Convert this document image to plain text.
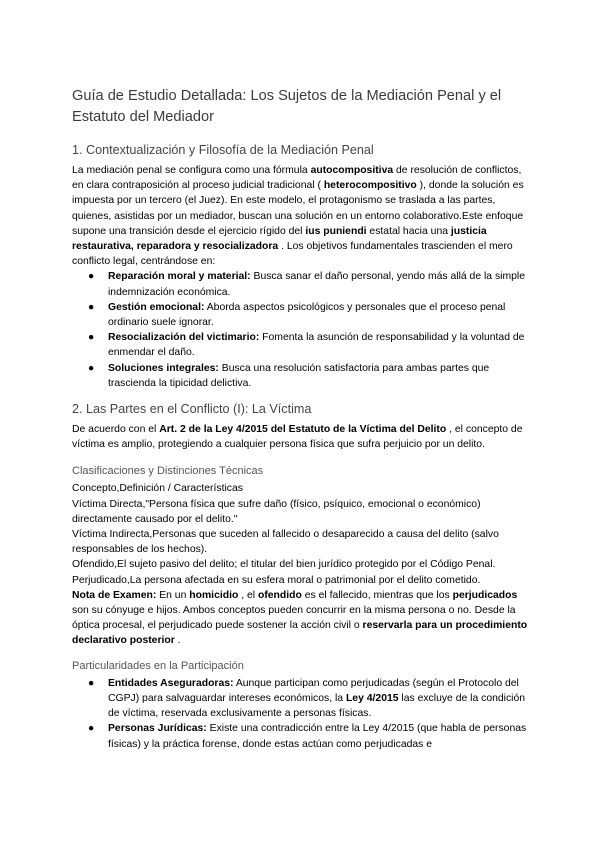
Guía de Estudio Detallada: Los Sujetos de la Mediación Penal y el Estatuto del Mediador
1. Contextualización y Filosofía de la Mediación Penal

La mediación penal se configura como una fórmula autocompositiva de resolución de conflictos, en clara contraposición al proceso judicial tradicional ( heterocompositivo ), donde la solución es impuesta por un tercero (el Juez). En este modelo, el protagonismo se traslada a las partes, quienes, asistidas por un mediador, buscan una solución en un entorno colaborativo.Este enfoque supone una transición desde el ejercicio rígido del ius puniendi estatal hacia una justicia restaurativa, reparadora y resocializadora . Los objetivos fundamentales trascienden el mero conflicto legal, centrándose en:

● Reparación moral y material: Busca sanar el daño personal, yendo más allá de la simple indemnización económica.
● Gestión emocional: Aborda aspectos psicológicos y personales que el proceso penal ordinario suele ignorar.
● Resocialización del victimario: Fomenta la asunción de responsabilidad y la voluntad de enmendar el daño.
● Soluciones integrales: Busca una resolución satisfactoria para ambas partes que trascienda la tipicidad delictiva.
2. Las Partes en el Conflicto (I): La Víctima

De acuerdo con el Art. 2 de la Ley 4/2015 del Estatuto de la Víctima del Delito , el concepto de víctima es amplio, protegiendo a cualquier persona física que sufra perjuicio por un delito.

Clasificaciones y Distinciones Técnicas

Concepto,Definición / Características

Víctima Directa,"Persona física que sufre daño (físico, psíquico, emocional o económico) directamente causado por el delito."

Víctima Indirecta,Personas que suceden al fallecido o desaparecido a causa del delito (salvo responsables de los hechos).

Ofendido,El sujeto pasivo del delito; el titular del bien jurídico protegido por el Código Penal.

Perjudicado,La persona afectada en su esfera moral o patrimonial por el delito cometido.

Nota de Examen: En un homicidio , el ofendido es el fallecido, mientras que los perjudicados son su cónyuge e hijos. Ambos conceptos pueden concurrir en la misma persona o no. Desde la óptica procesal, el perjudicado puede sostener la acción civil o reservarla para un procedimiento declarativo posterior .

Particularidades en la Participación
● Entidades Aseguradoras: Aunque participan como perjudicadas (según el Protocolo del CGPJ) para salvaguardar intereses económicos, la Ley 4/2015 las excluye de la condición de víctima, reservada exclusivamente a personas físicas.
● Personas Jurídicas: Existe una contradicción entre la Ley 4/2015 (que habla de personas físicas) y la práctica forense, donde estas actúan como perjudicadas e
